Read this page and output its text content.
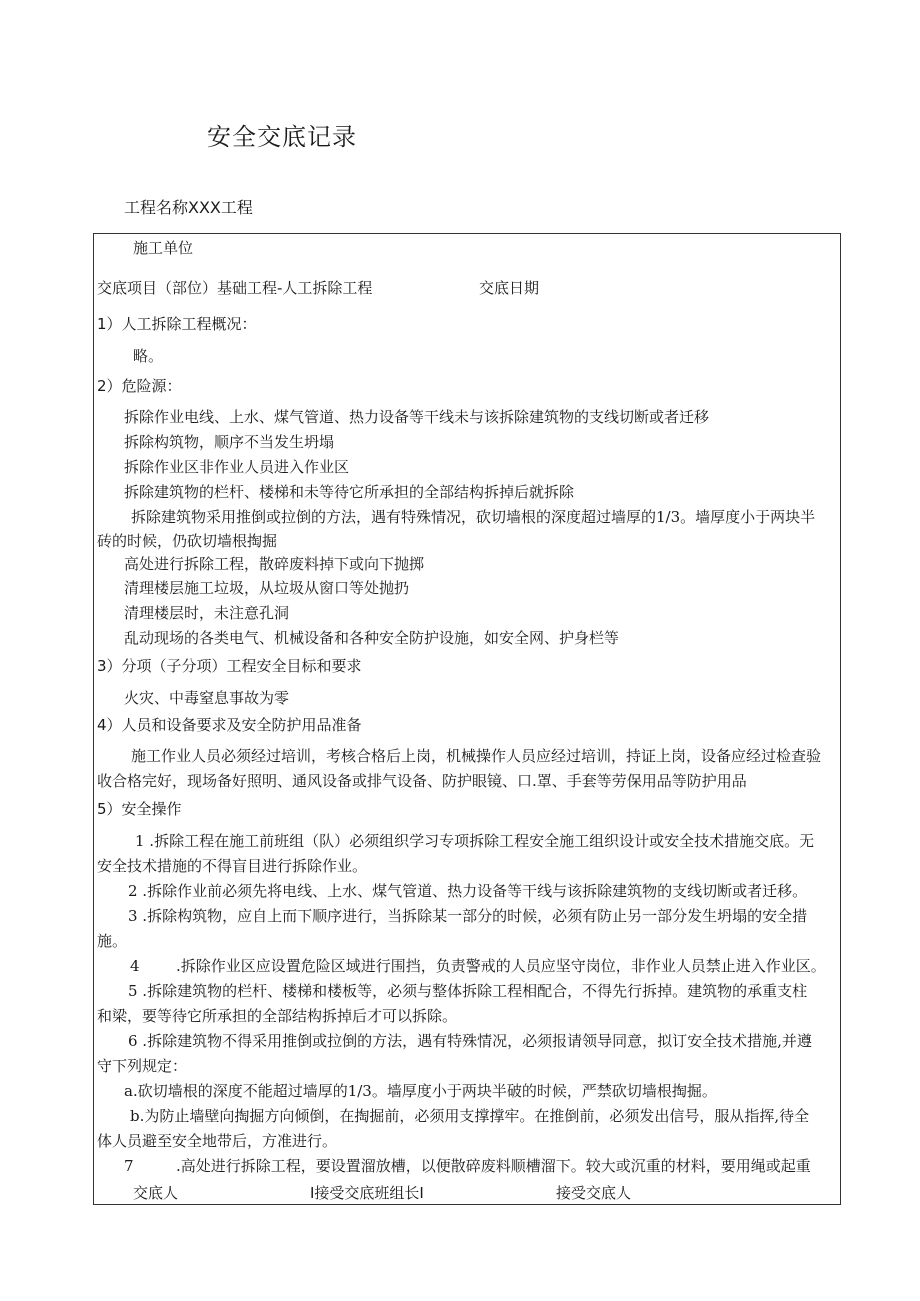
安全交底记录
工程名称XXX工程
施工单位
交底项目（部位）基础工程-人工拆除工程	交底日期
1）人工拆除工程概况：
略。
2）危险源：
拆除作业电线、上水、煤气管道、热力设备等干线未与该拆除建筑物的支线切断或者迁移
拆除构筑物，顺序不当发生坍塌
拆除作业区非作业人员进入作业区
拆除建筑物的栏杆、楼梯和未等待它所承担的全部结构拆掉后就拆除
拆除建筑物采用推倒或拉倒的方法，遇有特殊情况，砍切墙根的深度超过墙厚的1/3。墙厚度小于两块半
砖的时候，仍砍切墙根掏掘
高处进行拆除工程，散碎废料掉下或向下抛掷
清理楼层施工垃圾，从垃圾从窗口等处抛扔
清理楼层时，未注意孔洞
乱动现场的各类电气、机械设备和各种安全防护设施，如安全网、护身栏等
3）分项（子分项）工程安全目标和要求
火灾、中毒窒息事故为零
4）人员和设备要求及安全防护用品准备
施工作业人员必须经过培训，考核合格后上岗，机械操作人员应经过培训，持证上岗，设备应经过检查验
收合格完好，现场备好照明、通风设备或排气设备、防护眼镜、口.罩、手套等劳保用品等防护用品
5）安全操作
1 .拆除工程在施工前班组（队）必须组织学习专项拆除工程安全施工组织设计或安全技术措施交底。无
安全技术措施的不得盲目进行拆除作业。
2 .拆除作业前必须先将电线、上水、煤气管道、热力设备等干线与该拆除建筑物的支线切断或者迁移。
3 .拆除构筑物，应自上而下顺序进行，当拆除某一部分的时候，必须有防止另一部分发生坍塌的安全措
施。
4 .拆除作业区应设置危险区域进行围挡，负责警戒的人员应坚守岗位，非作业人员禁止进入作业区。
5 .拆除建筑物的栏杆、楼梯和楼板等，必须与整体拆除工程相配合，不得先行拆掉。建筑物的承重支柱
和梁，要等待它所承担的全部结构拆掉后才可以拆除。
6 .拆除建筑物不得采用推倒或拉倒的方法，遇有特殊情况，必须报请领导同意，拟订安全技术措施,并遵
守下列规定：
a.砍切墙根的深度不能超过墙厚的1/3。墙厚度小于两块半破的时候，严禁砍切墙根掏掘。
b.为防止墙壁向掏掘方向倾倒，在掏掘前，必须用支撑撑牢。在推倒前，必须发出信号，服从指挥,待全
体人员避至安全地带后，方准进行。
7	.高处进行拆除工程，要设置溜放槽，以便散碎废料顺槽溜下。较大或沉重的材料，要用绳或起重
交底人	I接受交底班组长I	接受交底人
